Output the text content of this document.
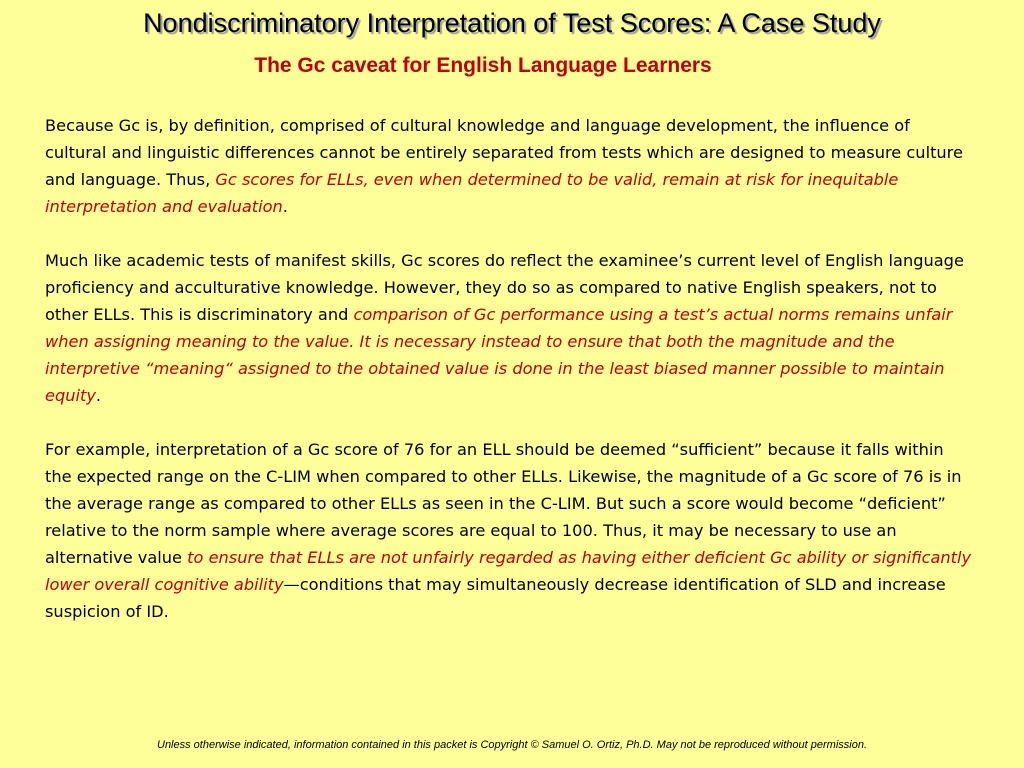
Nondiscriminatory Interpretation of Test Scores: A Case Study
The Gc caveat for English Language Learners

Because Gc is, by definition, comprised of cultural knowledge and language development, the influence of cultural and linguistic differences cannot be entirely separated from tests which are designed to measure culture and language. Thus, Gc scores for ELLs, even when determined to be valid, remain at risk for inequitable interpretation and evaluation.

Much like academic tests of manifest skills, Gc scores do reflect the examinee’s current level of English language proficiency and acculturative knowledge. However, they do so as compared to native English speakers, not to other ELLs. This is discriminatory and comparison of Gc performance using a test’s actual norms remains unfair when assigning meaning to the value. It is necessary instead to ensure that both the magnitude and the interpretive “meaning“ assigned to the obtained value is done in the least biased manner possible to maintain equity.

For example, interpretation of a Gc score of 76 for an ELL should be deemed “sufficient” because it falls within the expected range on the C-LIM when compared to other ELLs. Likewise, the magnitude of a Gc score of 76 is in the average range as compared to other ELLs as seen in the C-LIM. But such a score would become “deficient” relative to the norm sample where average scores are equal to 100. Thus, it may be necessary to use an alternative value to ensure that ELLs are not unfairly regarded as having either deficient Gc ability or significantly lower overall cognitive ability—conditions that may simultaneously decrease identification of SLD and increase suspicion of ID.

Unless otherwise indicated, information contained in this packet is Copyright © Samuel O. Ortiz, Ph.D. May not be reproduced without permission.
